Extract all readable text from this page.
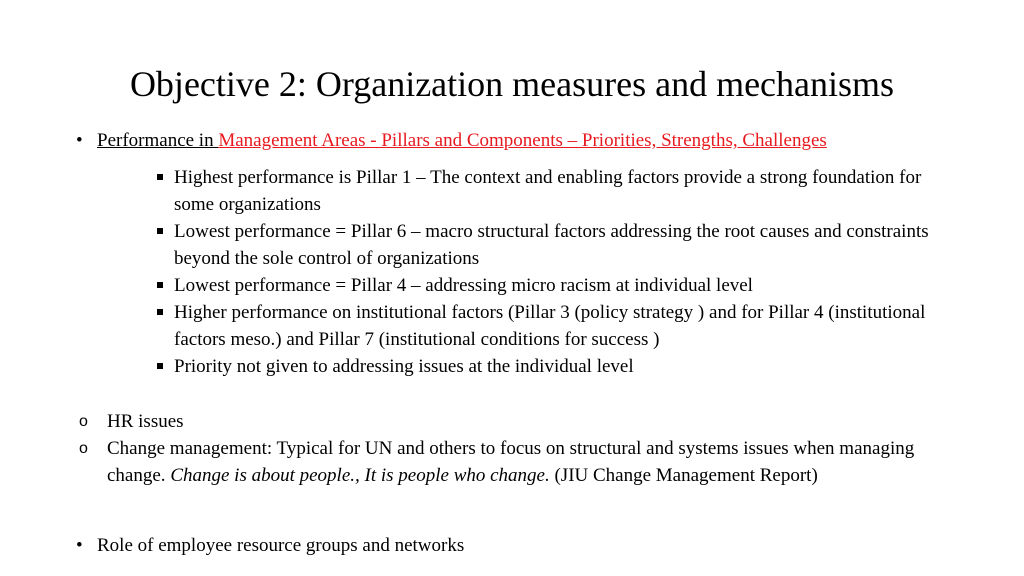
Objective 2: Organization measures and mechanisms
• Performance in Management Areas - Pillars and Components – Priorities, Strengths, Challenges
Highest performance is Pillar 1 – The context and enabling factors provide a strong foundation for some organizations
Lowest performance = Pillar 6 – macro structural factors addressing the root causes and constraints beyond the sole control of organizations
Lowest performance = Pillar 4 – addressing micro racism at individual level
Higher performance on institutional factors (Pillar 3 (policy strategy ) and for Pillar 4 (institutional factors meso.) and Pillar 7 (institutional conditions for success )
Priority not given to addressing issues at the individual level
o HR issues
o Change management: Typical for UN and others to focus on structural and systems issues when managing change. Change is about people., It is people who change. (JIU Change Management Report)
• Role of employee resource groups and networks
